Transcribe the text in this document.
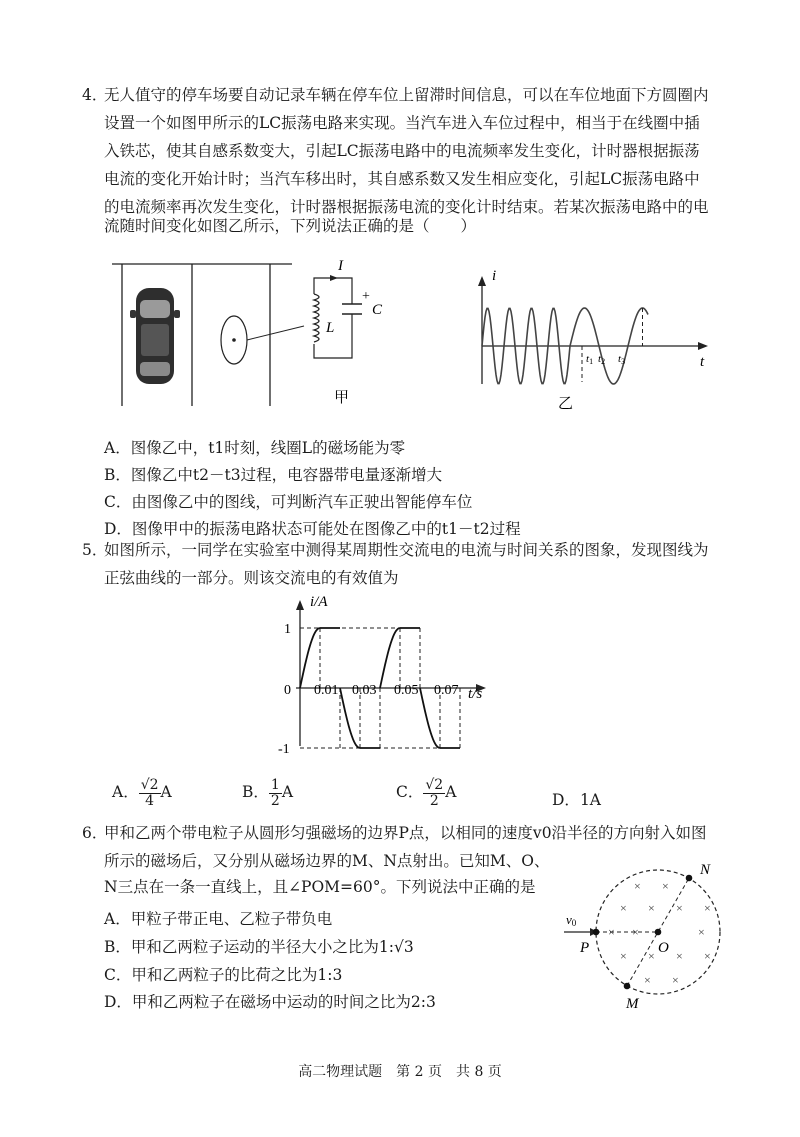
4．
无人值守的停车场要自动记录车辆在停车位上留滞时间信息，可以在车位地面下方圆圈内
设置一个如图甲所示的LC振荡电路来实现。当汽车进入车位过程中，相当于在线圈中插
入铁芯，使其自感系数变大，引起LC振荡电路中的电流频率发生变化，计时器根据振荡
电流的变化开始计时；当汽车移出时，其自感系数又发生相应变化，引起LC振荡电路中
的电流频率再次发生变化，计时器根据振荡电流的变化计时结束。若某次振荡电路中的电
流随时间变化如图乙所示，下列说法正确的是（　　）
I
L
+
C
甲
i
t
t1 t2 t3
乙
A．图像乙中，t1时刻，线圈L的磁场能为零
B．图像乙中t2－t3过程，电容器带电量逐渐增大
C．由图像乙中的图线，可判断汽车正驶出智能停车位
D．图像甲中的振荡电路状态可能处在图像乙中的t1－t2过程
5．
如图所示，一同学在实验室中测得某周期性交流电的电流与时间关系的图象，发现图线为
正弦曲线的一部分。则该交流电的有效值为
0 0.01 0.03 0.05 0.07
1
-1
i/A
t/s
A． $\frac{√2}{4}$ A	B． $\frac{1}{2}$ A	C． $\frac{√2}{2}$ A	D．1A
6．
甲和乙两个带电粒子从圆形匀强磁场的边界P点，以相同的速度v0沿半径的方向射入如图
所示的磁场后，又分别从磁场边界的M、N点射出。已知M、O、
N三点在一条一直线上，且∠POM=60°。下列说法中正确的是
A．甲粒子带正电、乙粒子带负电
B．甲和乙两粒子运动的半径大小之比为1:√3
C．甲和乙两粒子的比荷之比为1:3
D．甲和乙两粒子在磁场中运动的时间之比为2:3
× ×
× × × ×
× ×	×
× × × ×
× ×
v0
P	O
N
M
高二物理试题　第 2 页　共 8 页
